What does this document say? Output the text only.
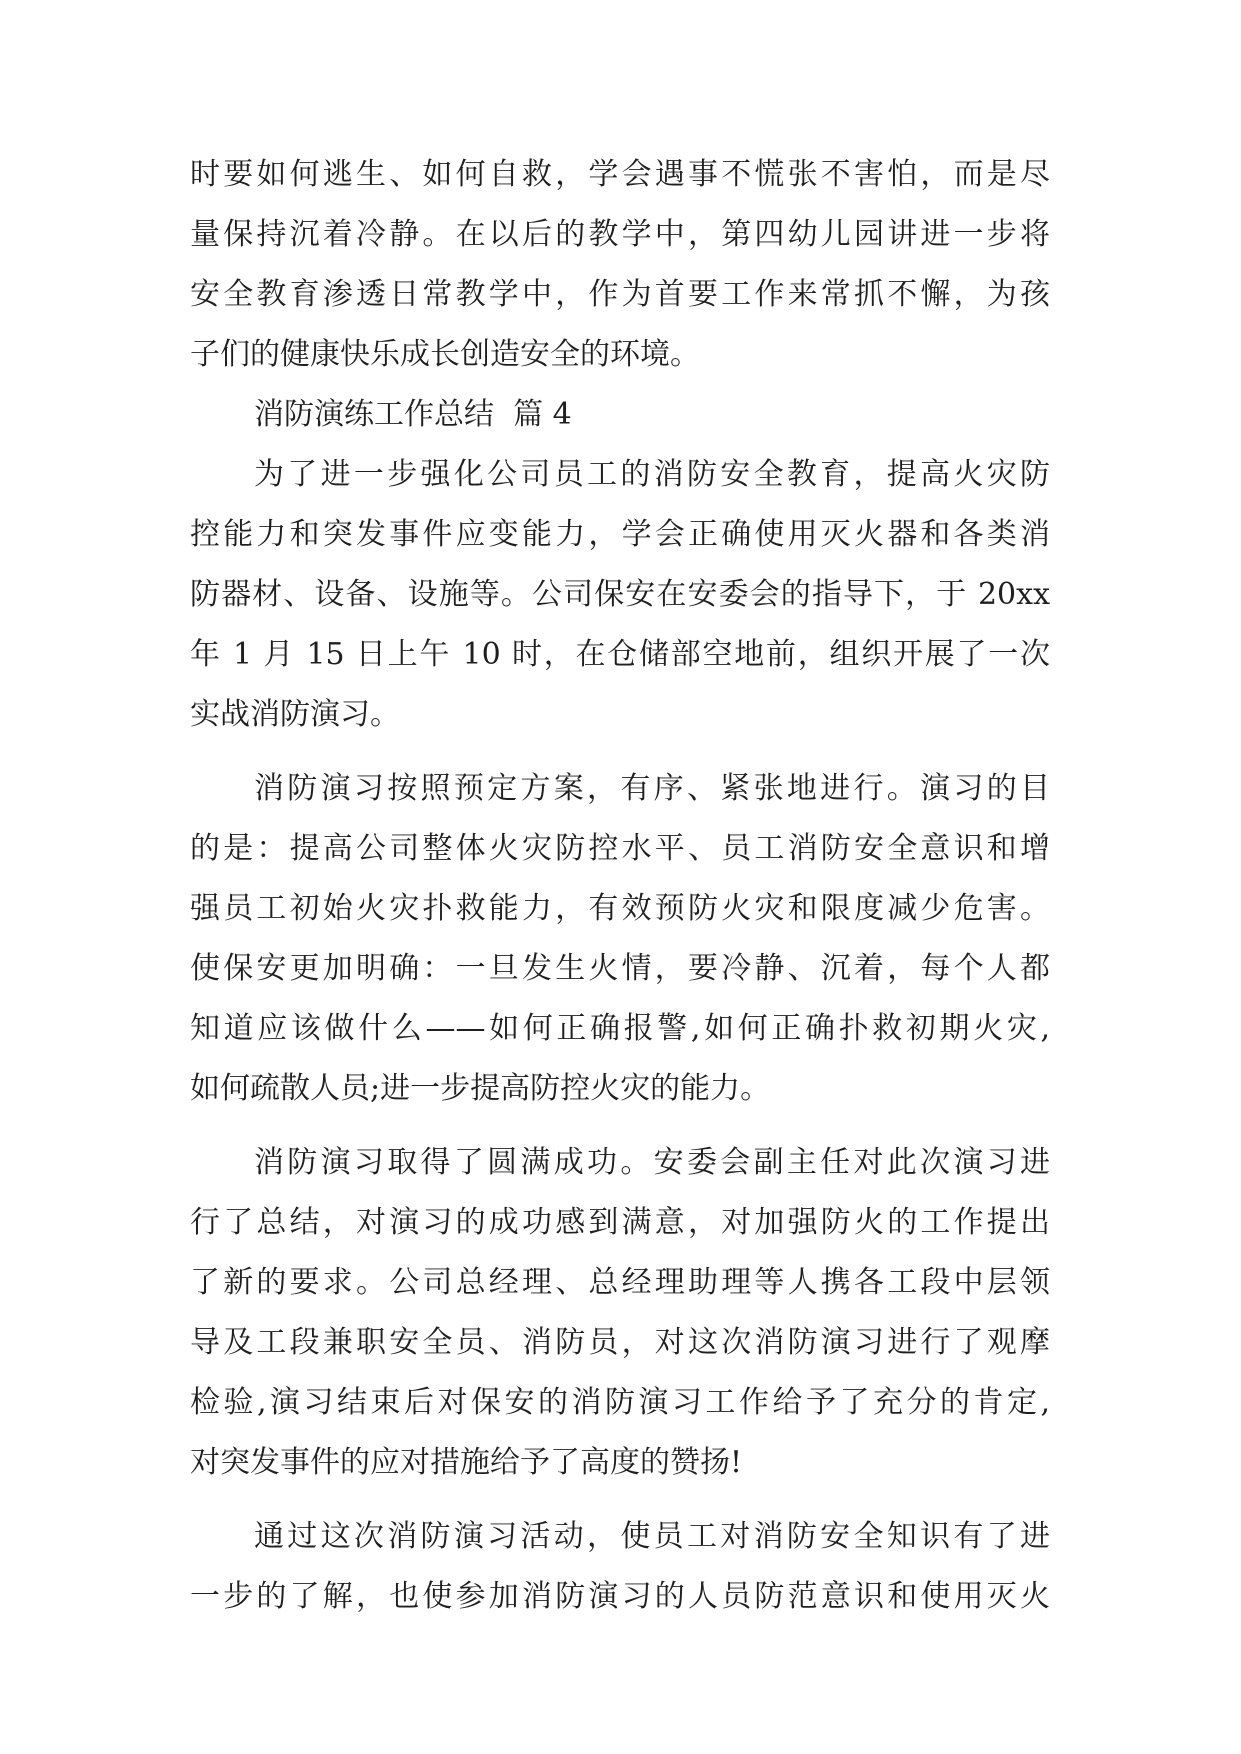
时要如何逃生、如何自救，学会遇事不慌张不害怕，而是尽
量保持沉着冷静。在以后的教学中，第四幼儿园讲进一步将
安全教育渗透日常教学中，作为首要工作来常抓不懈，为孩
子们的健康快乐成长创造安全的环境。
消防演练工作总结  篇 4
为了进一步强化公司员工的消防安全教育，提高火灾防
控能力和突发事件应变能力，学会正确使用灭火器和各类消
防器材、设备、设施等。公司保安在安委会的指导下，于 20xx
年 1 月 15 日上午 10 时，在仓储部空地前，组织开展了一次
实战消防演习。
消防演习按照预定方案，有序、紧张地进行。演习的目
的是：提高公司整体火灾防控水平、员工消防安全意识和增
强员工初始火灾扑救能力，有效预防火灾和限度减少危害。
使保安更加明确：一旦发生火情，要冷静、沉着，每个人都
知道应该做什么——如何正确报警,如何正确扑救初期火灾,
如何疏散人员;进一步提高防控火灾的能力。
消防演习取得了圆满成功。安委会副主任对此次演习进
行了总结，对演习的成功感到满意，对加强防火的工作提出
了新的要求。公司总经理、总经理助理等人携各工段中层领
导及工段兼职安全员、消防员，对这次消防演习进行了观摩
检验,演习结束后对保安的消防演习工作给予了充分的肯定,
对突发事件的应对措施给予了高度的赞扬!
通过这次消防演习活动，使员工对消防安全知识有了进
一步的了解，也使参加消防演习的人员防范意识和使用灭火
